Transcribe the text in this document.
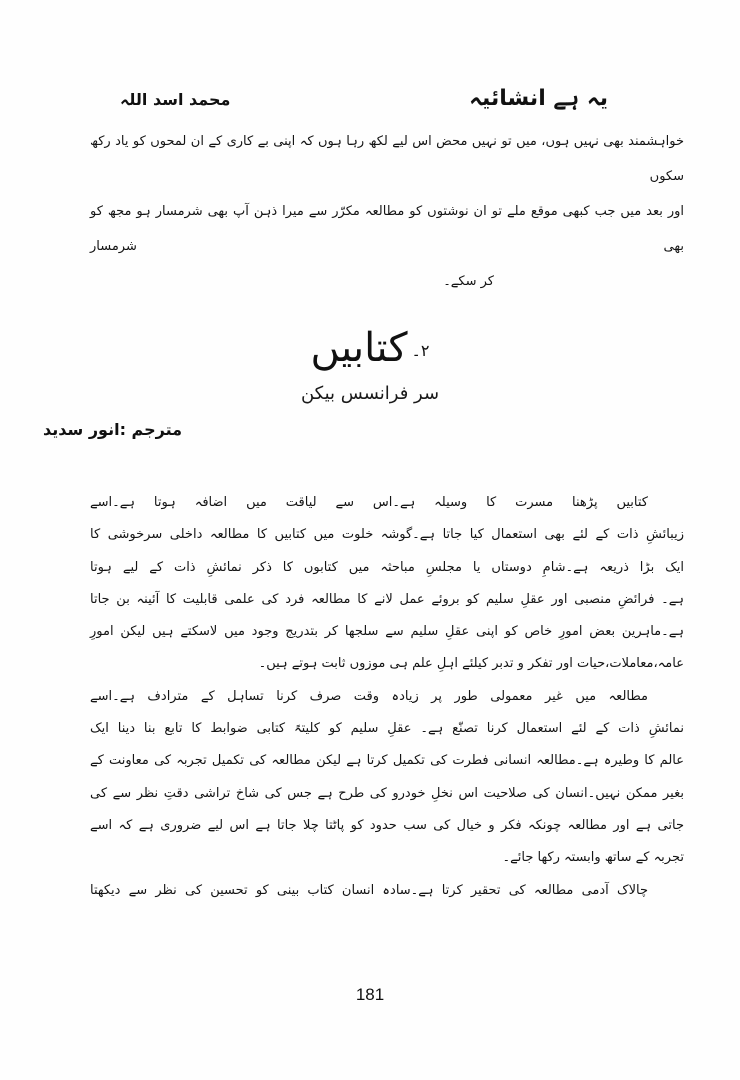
یہ ہے انشائیہ
محمد اسد اللہ
خواہشمند بھی نہیں ہوں، میں تو نہیں محض اس لیے لکھ رہا ہوں کہ اپنی بے کاری کے ان لمحوں کو یاد رکھ سکوں
اور بعد میں جب کبھی موقع ملے تو ان نوشتوں کو مطالعہ مکرّر سے میرا ذہن آپ بھی شرمسار ہو مجھ کو بھی شرمسار
کر سکے۔
۲۔کتابیں
سر فرانسس بیکن
مترجم :انور سدید
کتابیں پڑھنا مسرت کا وسیلہ ہے۔اس سے لیاقت میں اضافہ ہوتا ہے۔اسے
زیبائشِ ذات کے لئے بھی استعمال کیا جاتا ہے۔گوشہ خلوت میں کتابیں کا مطالعہ داخلی سرخوشی کا
ایک بڑا ذریعہ ہے۔شامِ دوستاں یا مجلسِ مباحثہ میں کتابوں کا ذکر نمائشِ ذات کے لیے ہوتا
ہے۔ فرائضِ منصبی اور عقلِ سلیم کو بروئے عمل لانے کا مطالعہ فرد کی علمی قابلیت کا آئینہ بن جاتا
ہے۔ماہرین بعض امورِ خاص کو اپنی عقلِ سلیم سے سلجھا کر بتدریج وجود میں لاسکتے ہیں لیکن امورِ
عامہ،معاملات،حیات اور تفکر و تدبر کیلئے اہلِ علم ہی موزوں ثابت ہوتے ہیں۔
مطالعہ میں غیر معمولی طور پر زیادہ وقت صرف کرنا تساہل کے مترادف ہے۔اسے
نمائشِ ذات کے لئے استعمال کرنا تصنّع ہے۔ عقلِ سلیم کو کلیتہً کتابی ضوابط کا تابع بنا دینا ایک
عالم کا وطیرہ ہے۔مطالعہ انسانی فطرت کی تکمیل کرتا ہے لیکن مطالعہ کی تکمیل تجربہ کی معاونت کے
بغیر ممکن نہیں۔انسان کی صلاحیت اس نخلِ خودرو کی طرح ہے جس کی شاخ تراشی دقتِ نظر سے کی
جاتی ہے اور مطالعہ چونکہ فکر و خیال کی سب حدود کو پاٹتا چلا جاتا ہے اس لیے ضروری ہے کہ اسے
تجربہ کے ساتھ وابستہ رکھا جائے۔
چالاک آدمی مطالعہ کی تحقیر کرتا ہے۔سادہ انسان کتاب بینی کو تحسین کی نظر سے دیکھتا
181
